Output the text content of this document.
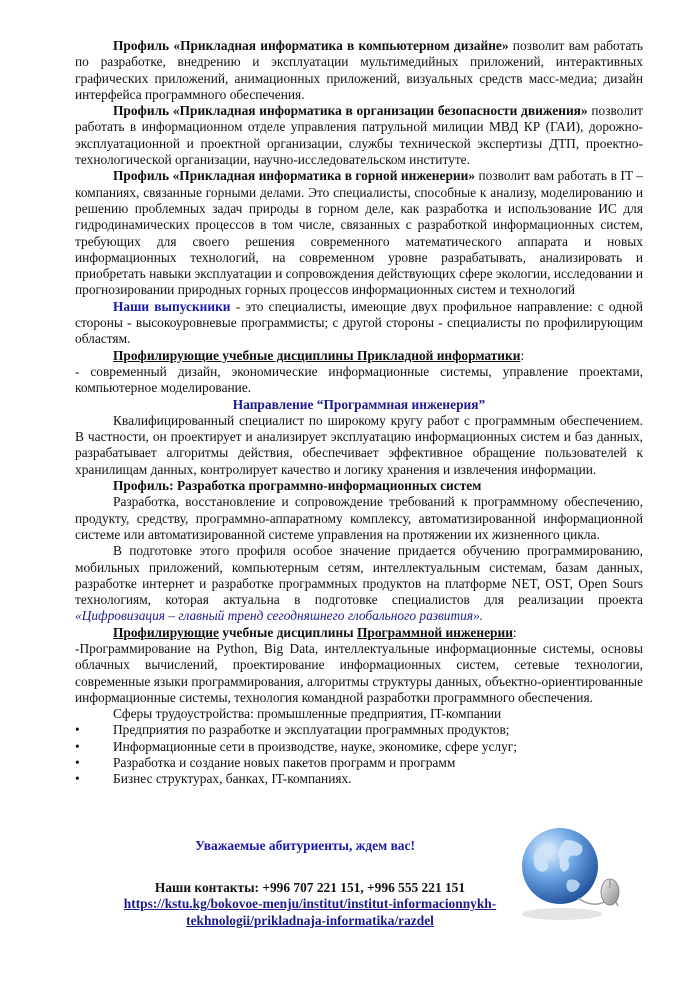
Профиль «Прикладная информатика в компьютерном дизайне» позволит вам работать по разработке, внедрению и эксплуатации мультимедийных приложений, интерактивных графических приложений, анимационных приложений, визуальных средств масс-медиа; дизайн интерфейса программного обеспечения.

Профиль «Прикладная информатика в организации безопасности движения» позволит работать в информационном отделе управления патрульной милиции МВД КР (ГАИ), дорожно-эксплуатационной и проектной организации, службы технической экспертизы ДТП, проектно-технологической организации, научно-исследовательском институте.

Профиль «Прикладная информатика в горной инженерии» позволит вам работать в IT – компаниях, связанные горными делами. Это специалисты, способные к анализу, моделированию и решению проблемных задач природы в горном деле, как разработка и использование ИС для гидродинамических процессов в том числе, связанных с разработкой информационных систем, требующих для своего решения современного математического аппарата и новых информационных технологий, на современном уровне разрабатывать, анализировать и приобретать навыки эксплуатации и сопровождения действующих сфере экологии, исследовании и прогнозировании природных горных процессов информационных систем и технологий

Наши выпускники - это специалисты, имеющие двух профильное направление: с одной стороны - высокоуровневые программисты; с другой стороны - специалисты по профилирующим областям.

Профилирующие учебные дисциплины Прикладной информатики:

- современный дизайн, экономические информационные системы, управление проектами, компьютерное моделирование.

Направление “Программная инженерия”

Квалифицированный специалист по широкому кругу работ с программным обеспечением. В частности, он проектирует и анализирует эксплуатацию информационных систем и баз данных, разрабатывает алгоритмы действия, обеспечивает эффективное обращение пользователей к хранилищам данных, контролирует качество и логику хранения и извлечения информации.

Профиль: Разработка программно-информационных систем

Разработка, восстановление и сопровождение требований к программному обеспечению, продукту, средству, программно-аппаратному комплексу, автоматизированной информационной системе или автоматизированной системе управления на протяжении их жизненного цикла.

В подготовке этого профиля особое значение придается обучению программированию, мобильных приложений, компьютерным сетям, интеллектуальным системам, базам данных, разработке интернет и разработке программных продуктов на платформе NET, OST, Open Sours технологиям, которая актуальна в подготовке специалистов для реализации проекта «Цифровизация – главный тренд сегодняшнего глобального развития».

Профилирующие учебные дисциплины Программной инженерии:

-Программирование на Python, Big Data, интеллектуальные информационные системы, основы облачных вычислений, проектирование информационных систем, сетевые технологии, современные языки программирования, алгоритмы структуры данных, объектно-ориентированные информационные системы, технология командной разработки программного обеспечения.

Сферы трудоустройства: промышленные предприятия, IT-компании

• Предприятия по разработке и эксплуатации программных продуктов;
• Информационные сети в производстве, науке, экономике, сфере услуг;
• Разработка и создание новых пакетов программ и программ
• Бизнес структурах, банках, IT-компаниях.
Уважаемые абитуриенты, ждем вас!
Наши контакты: +996 707 221 151, +996 555 221 151
https://kstu.kg/bokovoe-menju/institut/institut-informacionnykh-
tekhnologii/prikladnaja-informatika/razdel
